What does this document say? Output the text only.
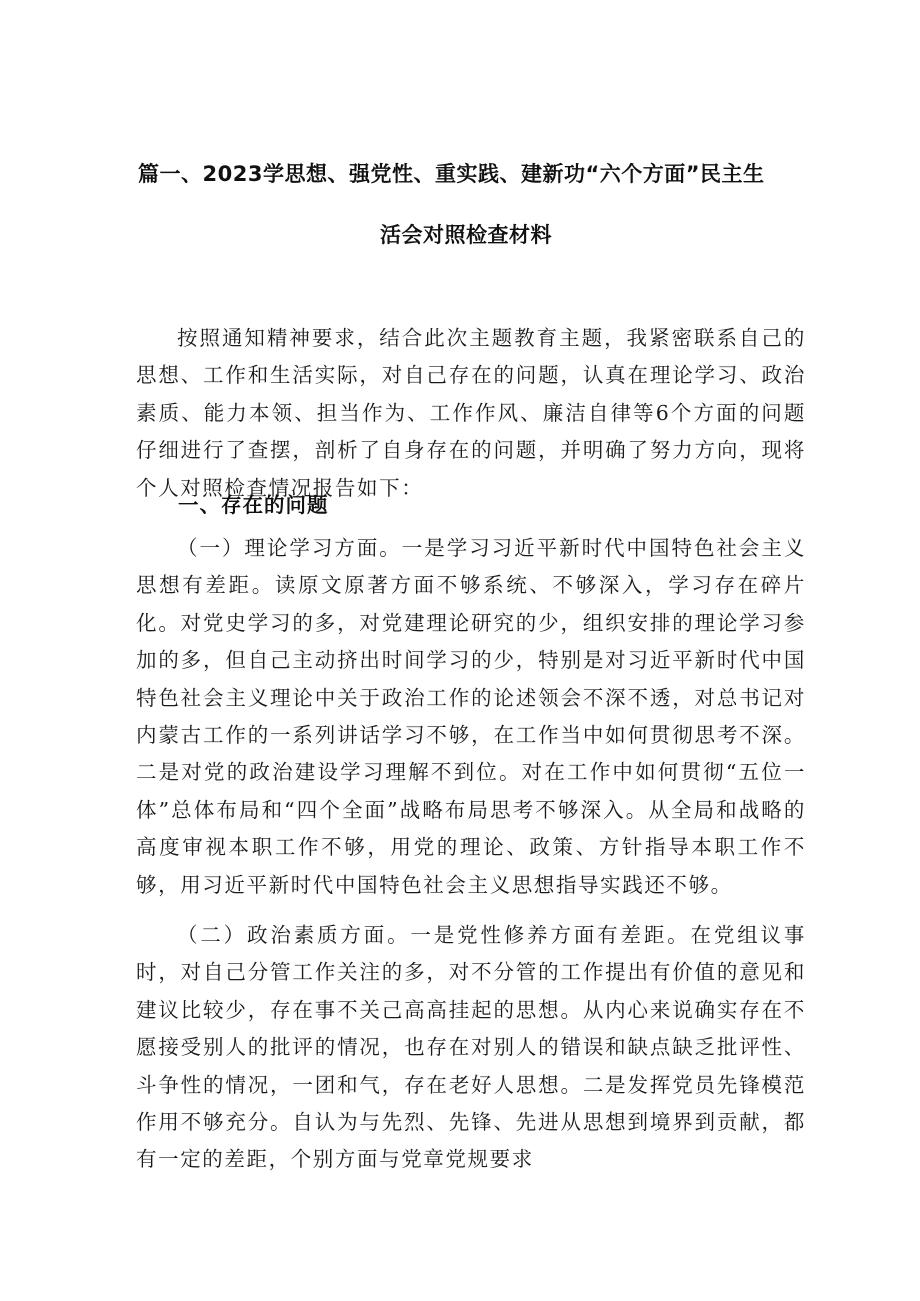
篇一、2023学思想、强党性、重实践、建新功“六个方面”民主生
活会对照检查材料

按照通知精神要求，结合此次主题教育主题，我紧密联系自己的思想、工作和生活实际，对自己存在的问题，认真在理论学习、政治素质、能力本领、担当作为、工作作风、廉洁自律等6个方面的问题仔细进行了查摆，剖析了自身存在的问题，并明确了努力方向，现将个人对照检查情况报告如下：

一、存在的问题

（一）理论学习方面。一是学习习近平新时代中国特色社会主义思想有差距。读原文原著方面不够系统、不够深入，学习存在碎片化。对党史学习的多，对党建理论研究的少，组织安排的理论学习参加的多，但自己主动挤出时间学习的少，特别是对习近平新时代中国特色社会主义理论中关于政治工作的论述领会不深不透，对总书记对内蒙古工作的一系列讲话学习不够，在工作当中如何贯彻思考不深。二是对党的政治建设学习理解不到位。对在工作中如何贯彻“五位一体”总体布局和“四个全面”战略布局思考不够深入。从全局和战略的高度审视本职工作不够，用党的理论、政策、方针指导本职工作不够，用习近平新时代中国特色社会主义思想指导实践还不够。

（二）政治素质方面。一是党性修养方面有差距。在党组议事时，对自己分管工作关注的多，对不分管的工作提出有价值的意见和建议比较少，存在事不关己高高挂起的思想。从内心来说确实存在不愿接受别人的批评的情况，也存在对别人的错误和缺点缺乏批评性、斗争性的情况，一团和气，存在老好人思想。二是发挥党员先锋模范作用不够充分。自认为与先烈、先锋、先进从思想到境界到贡献，都有一定的差距，个别方面与党章党规要求
